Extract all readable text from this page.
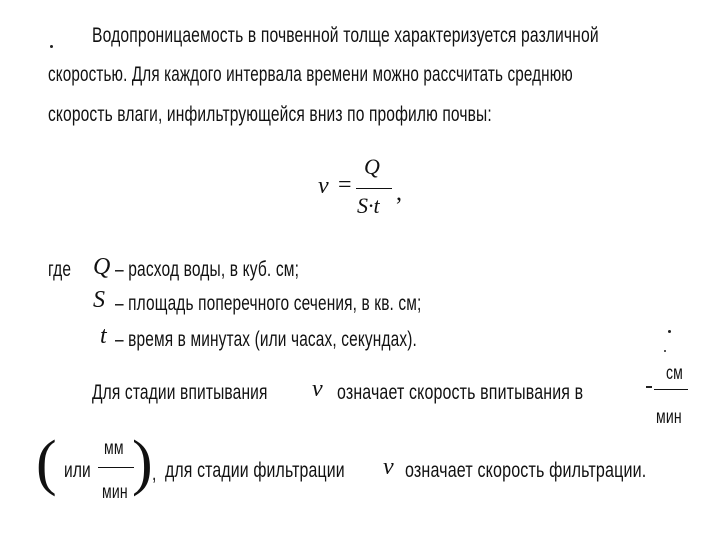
Водопроницаемость в почвенной толще характеризуется различной
скоростью. Для каждого интервала времени можно рассчитать среднюю
скорость влаги, инфильтрующейся вниз по профилю почвы:
v =
Q
S·t ,
где Q – расход воды, в куб. см;
S – площадь поперечного сечения, в кв. см;
t – время в минутах (или часах, секундах).
Для стадии впитывания v означает скорость впитывания в
см
мин
( или
мм
мин ) , для стадии фильтрации v означает скорость фильтрации.
